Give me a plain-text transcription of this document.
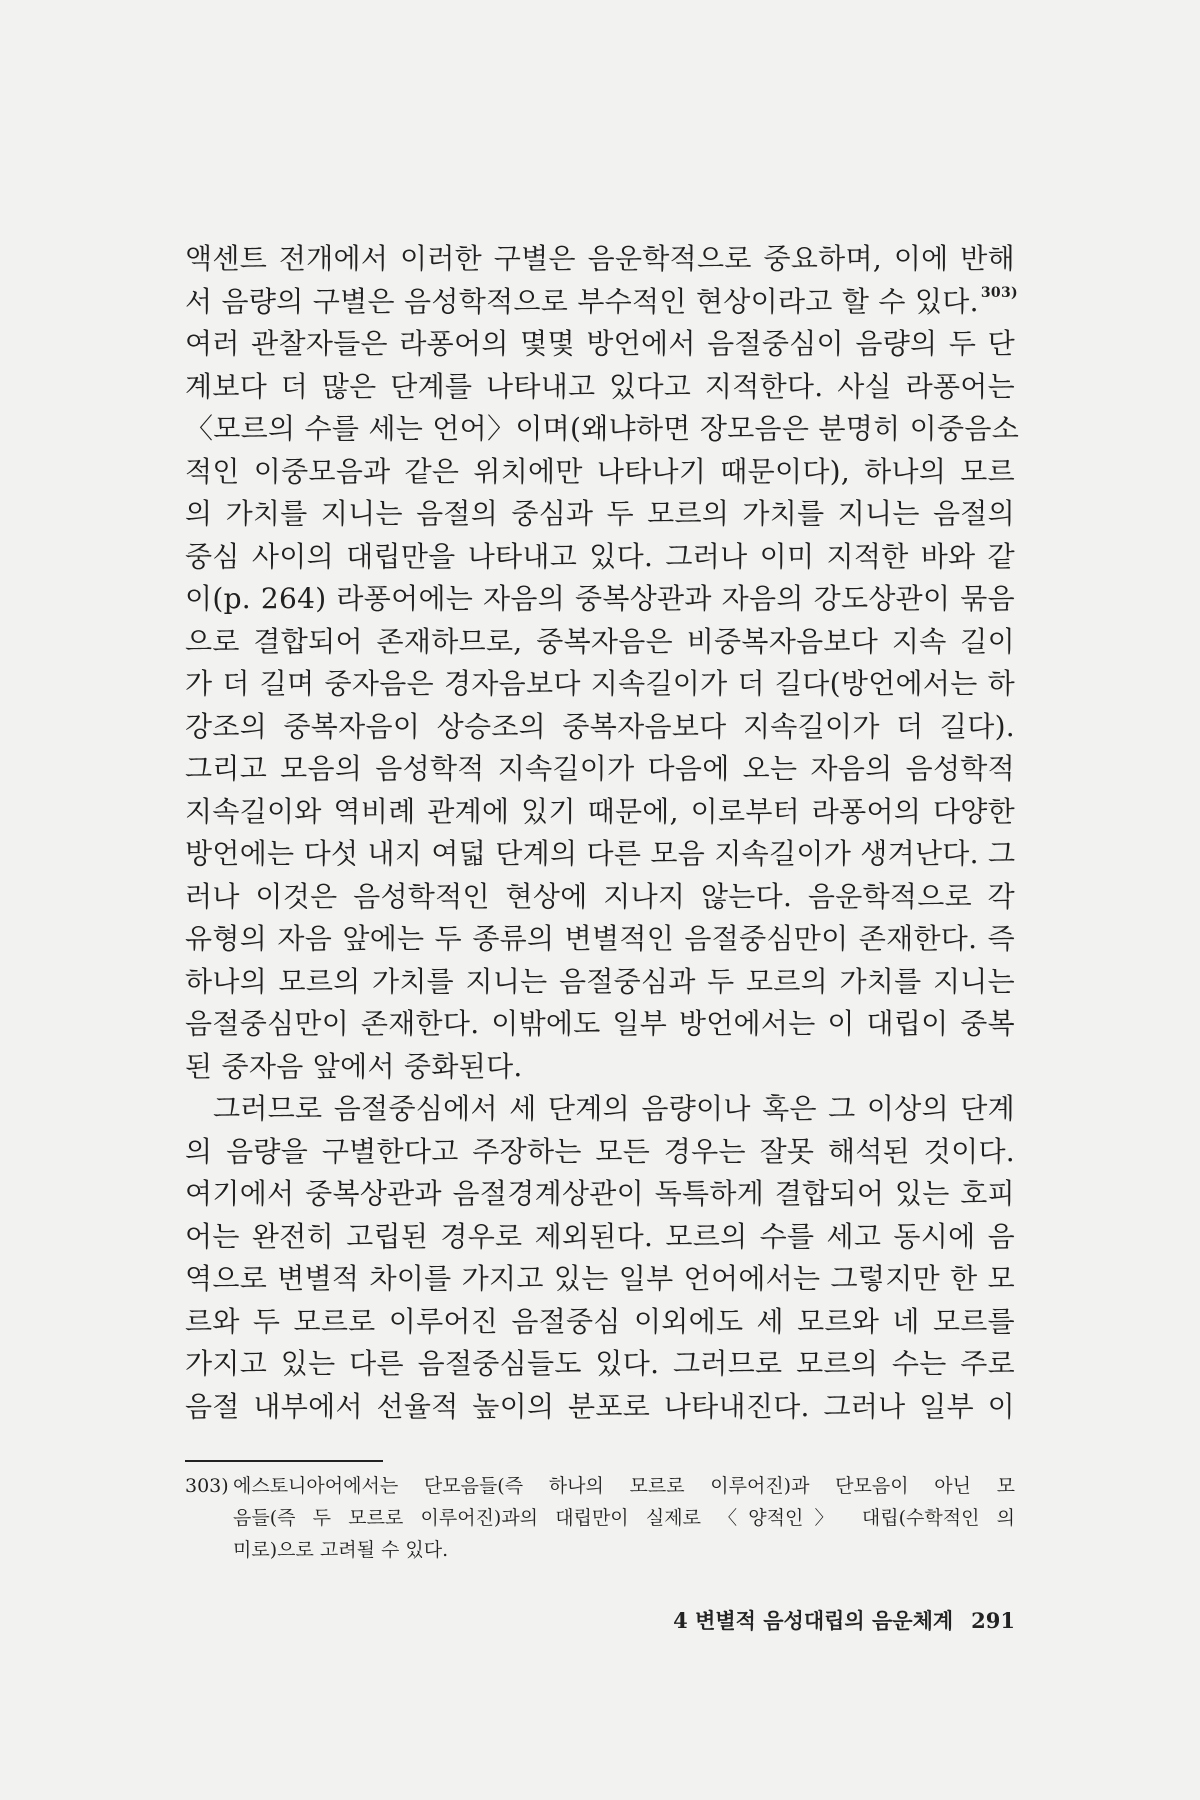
액센트 전개에서 이러한 구별은 음운학적으로 중요하며, 이에 반해
서 음량의 구별은 음성학적으로 부수적인 현상이라고 할 수 있다. $^{303)}$
여러 관찰자들은 라퐁어의 몇몇 방언에서 음절중심이 음량의 두 단
계보다 더 많은 단계를 나타내고 있다고 지적한다. 사실 라퐁어는
〈모르의 수를 세는 언어〉이며(왜냐하면 장모음은 분명히 이중음소
적인 이중모음과 같은 위치에만 나타나기 때문이다), 하나의 모르
의 가치를 지니는 음절의 중심과 두 모르의 가치를 지니는 음절의
중심 사이의 대립만을 나타내고 있다. 그러나 이미 지적한 바와 같
이(p. 264) 라퐁어에는 자음의 중복상관과 자음의 강도상관이 묶음
으로 결합되어 존재하므로, 중복자음은 비중복자음보다 지속 길이
가 더 길며 중자음은 경자음보다 지속길이가 더 길다(방언에서는 하
강조의 중복자음이 상승조의 중복자음보다 지속길이가 더 길다).
그리고 모음의 음성학적 지속길이가 다음에 오는 자음의 음성학적
지속길이와 역비례 관계에 있기 때문에, 이로부터 라퐁어의 다양한
방언에는 다섯 내지 여덟 단계의 다른 모음 지속길이가 생겨난다. 그
러나 이것은 음성학적인 현상에 지나지 않는다. 음운학적으로 각
유형의 자음 앞에는 두 종류의 변별적인 음절중심만이 존재한다. 즉
하나의 모르의 가치를 지니는 음절중심과 두 모르의 가치를 지니는
음절중심만이 존재한다. 이밖에도 일부 방언에서는 이 대립이 중복
된 중자음 앞에서 중화된다.
그러므로 음절중심에서 세 단계의 음량이나 혹은 그 이상의 단계
의 음량을 구별한다고 주장하는 모든 경우는 잘못 해석된 것이다.
여기에서 중복상관과 음절경계상관이 독특하게 결합되어 있는 호피
어는 완전히 고립된 경우로 제외된다. 모르의 수를 세고 동시에 음
역으로 변별적 차이를 가지고 있는 일부 언어에서는 그렇지만 한 모
르와 두 모르로 이루어진 음절중심 이외에도 세 모르와 네 모르를
가지고 있는 다른 음절중심들도 있다. 그러므로 모르의 수는 주로
음절 내부에서 선율적 높이의 분포로 나타내진다. 그러나 일부 이
303) 에스토니아어에서는 단모음들(즉 하나의 모르로 이루어진)과 단모음이 아닌 모
음들(즉 두 모르로 이루어진)과의 대립만이 실제로 〈양적인〉 대립(수학적인 의
미로)으로 고려될 수 있다.
4 변별적 음성대립의 음운체계 291
